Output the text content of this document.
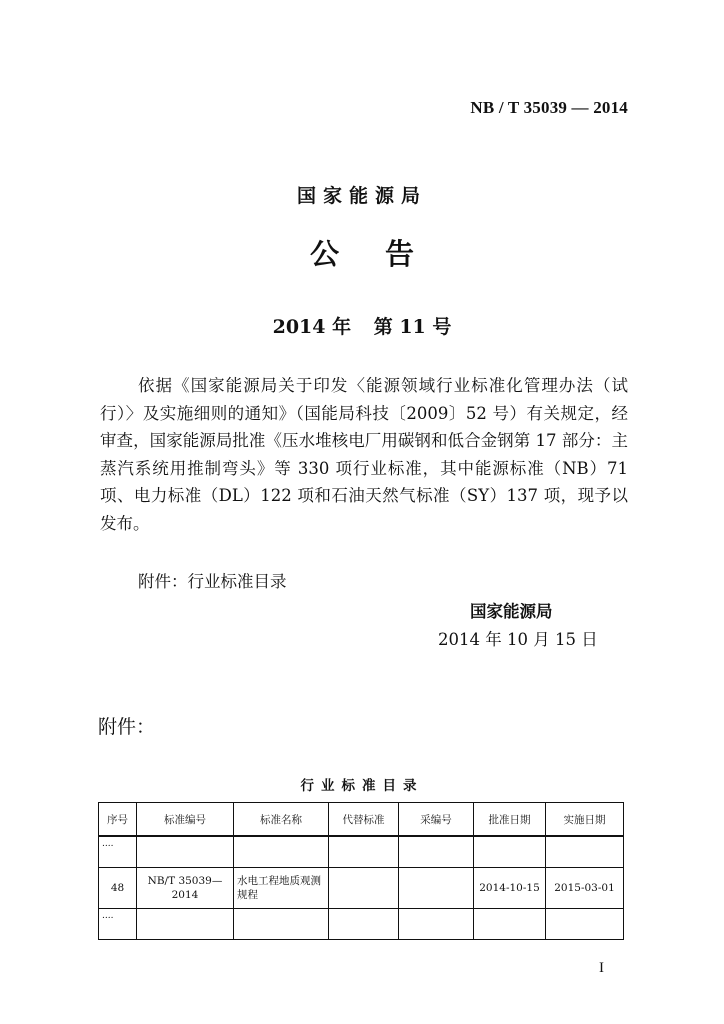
NB / T 35039 — 2014
国家能源局
公告
2014 年 第 11 号
依据《国家能源局关于印发〈能源领域行业标准化管理办法（试行）〉及实施细则的通知》（国能局科技〔2009〕52 号）有关规定，经审查，国家能源局批准《压水堆核电厂用碳钢和低合金钢第 17 部分：主蒸汽系统用推制弯头》等 330 项行业标准，其中能源标准（NB）71 项、电力标准（DL）122 项和石油天然气标准（SY）137 项，现予以发布。
附件：行业标准目录
国家能源局
2014 年 10 月 15 日
附件：
行业标准目录
序号	标准编号	标准名称	代替标准	采编号	批准日期	实施日期
....						
48	NB/T 35039—2014	水电工程地质观测规程			2014-10-15	2015-03-01
....						
I
